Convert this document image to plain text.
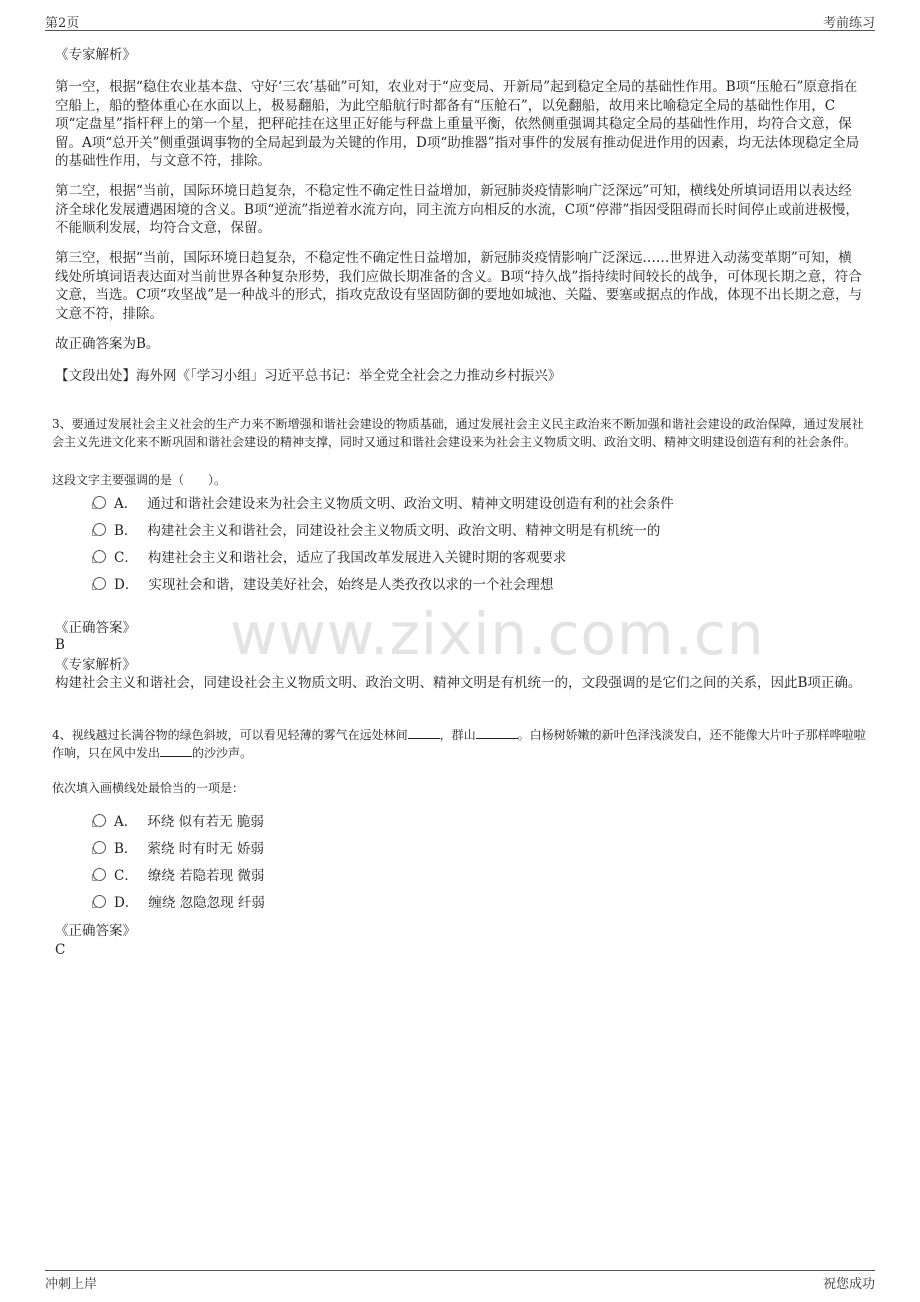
第2页	考前练习
www.zixin.com.cn
《专家解析》
第一空，根据“稳住农业基本盘、守好‘三农’基础”可知，农业对于“应变局、开新局”起到稳定全局的基础性作用。B项“压舱石”原意指在空船上，船的整体重心在水面以上，极易翻船，为此空船航行时都备有“压舱石”，以免翻船，故用来比喻稳定全局的基础性作用，C项“定盘星”指杆秤上的第一个星，把秤砣挂在这里正好能与秤盘上重量平衡，依然侧重强调其稳定全局的基础性作用，均符合文意，保留。A项“总开关”侧重强调事物的全局起到最为关键的作用，D项“助推器”指对事件的发展有推动促进作用的因素，均无法体现稳定全局的基础性作用，与文意不符，排除。
第二空，根据“当前，国际环境日趋复杂，不稳定性不确定性日益增加，新冠肺炎疫情影响广泛深远”可知，横线处所填词语用以表达经济全球化发展遭遇困境的含义。B项“逆流”指逆着水流方向，同主流方向相反的水流，C项“停滞”指因受阻碍而长时间停止或前进极慢，不能顺利发展，均符合文意，保留。
第三空，根据“当前，国际环境日趋复杂，不稳定性不确定性日益增加，新冠肺炎疫情影响广泛深远……世界进入动荡变革期”可知，横线处所填词语表达面对当前世界各种复杂形势，我们应做长期准备的含义。B项“持久战”指持续时间较长的战争，可体现长期之意，符合文意，当选。C项“攻坚战”是一种战斗的形式，指攻克敌设有坚固防御的要地如城池、关隘、要塞或据点的作战，体现不出长期之意，与文意不符，排除。
故正确答案为B。
【文段出处】海外网《「学习小组」习近平总书记：举全党全社会之力推动乡村振兴》
3、要通过发展社会主义社会的生产力来不断增强和谐社会建设的物质基础，通过发展社会主义民主政治来不断加强和谐社会建设的政治保障，通过发展社会主义先进文化来不断巩固和谐社会建设的精神支撑，同时又通过和谐社会建设来为社会主义物质文明、政治文明、精神文明建设创造有利的社会条件。
这段文字主要强调的是（　　）。
A． 通过和谐社会建设来为社会主义物质文明、政治文明、精神文明建设创造有利的社会条件
B． 构建社会主义和谐社会，同建设社会主义物质文明、政治文明、精神文明是有机统一的
C． 构建社会主义和谐社会，适应了我国改革发展进入关键时期的客观要求
D． 实现社会和谐，建设美好社会，始终是人类孜孜以求的一个社会理想
《正确答案》
B
《专家解析》
构建社会主义和谐社会，同建设社会主义物质文明、政治文明、精神文明是有机统一的，文段强调的是它们之间的关系，因此B项正确。
4、视线越过长满谷物的绿色斜坡，可以看见轻薄的雾气在远处林间	，群山	。白杨树娇嫩的新叶色泽浅淡发白，还不能像大片叶子那样哗啦啦作响，只在风中发出	的沙沙声。
依次填入画横线处最恰当的一项是：
A． 环绕 似有若无 脆弱
B． 萦绕 时有时无 娇弱
C． 缭绕 若隐若现 微弱
D． 缠绕 忽隐忽现 纤弱
《正确答案》
C
冲刺上岸	祝您成功
